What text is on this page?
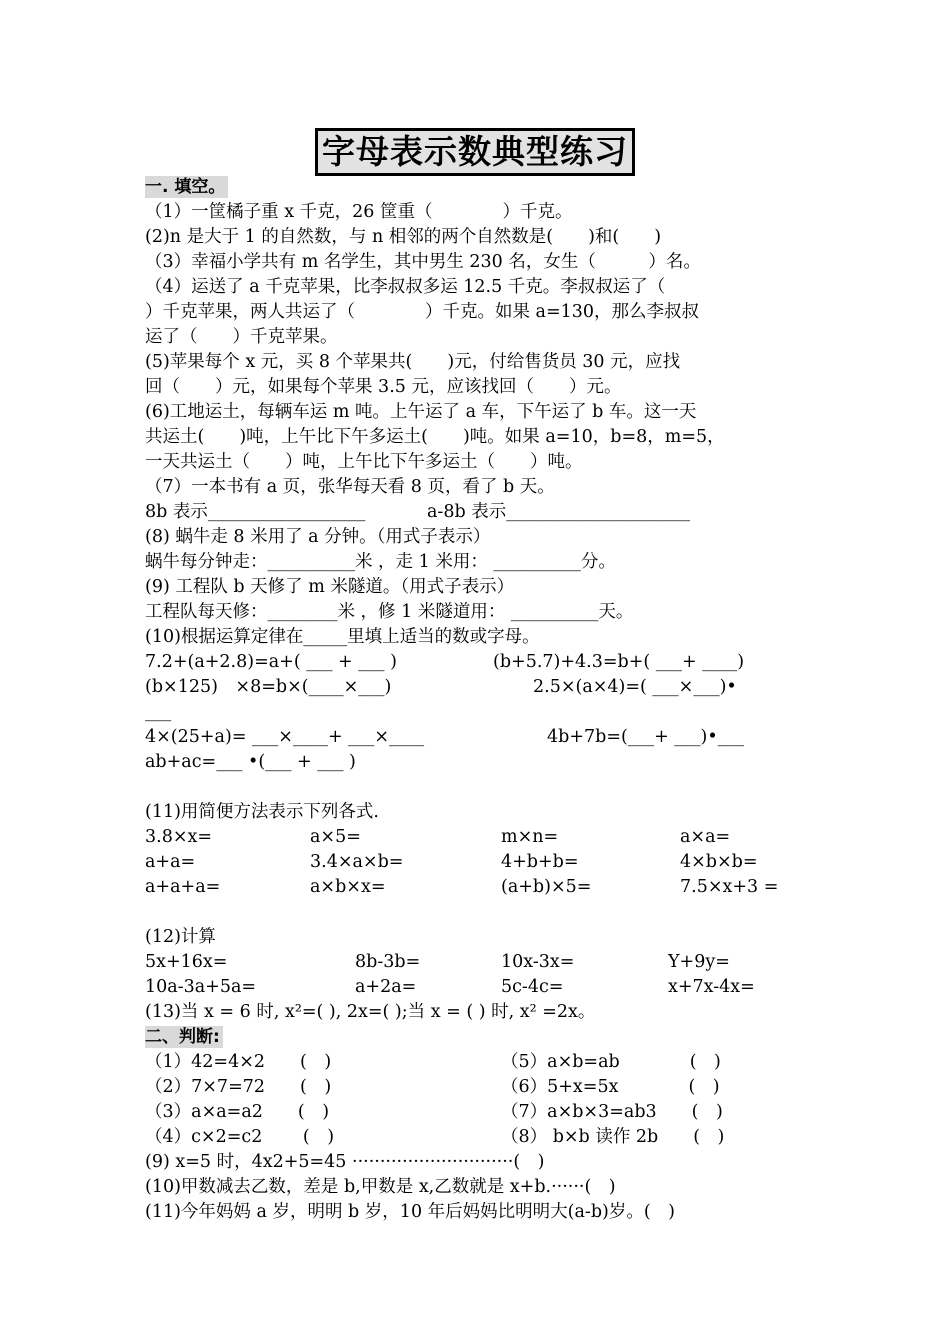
字母表示数典型练习
一. 填空。
（1）一筐橘子重 x 千克，26 筐重（　　　　）千克。
(2)n 是大于 1 的自然数，与 n 相邻的两个自然数是(　　)和(　　)
（3）幸福小学共有 m 名学生，其中男生 230 名，女生（　　　）名。
（4）运送了 a 千克苹果，比李叔叔多运 12.5 千克。李叔叔运了（
）千克苹果，两人共运了（　　　　）千克。如果 a=130，那么李叔叔
运了（　　）千克苹果。
(5)苹果每个 x 元，买 8 个苹果共(　　)元，付给售货员 30 元，应找
回（　　）元，如果每个苹果 3.5 元，应该找回（　　）元。
(6)工地运土，每辆车运 m 吨。上午运了 a 车，下午运了 b 车。这一天
共运土(　　)吨，上午比下午多运土(　　)吨。如果 a=10，b=8，m=5，
一天共运土（　　）吨，上午比下午多运土（　　）吨。
（7）一本书有 a 页，张华每天看 8 页，看了 b 天。
8b 表示__________________	a-8b 表示_____________________
(8) 蜗牛走 8 米用了 a 分钟。（用式子表示）
蜗牛每分钟走：__________米 ，走 1 米用： __________分。
(9) 工程队 b 天修了 m 米隧道。（用式子表示）
工程队每天修：________米 ，修 1 米隧道用： __________天。
(10)根据运算定律在_____里填上适当的数或字母。
7.2+(a+2.8)=a+( ___ + ___ )	(b+5.7)+4.3=b+( ___+ ____)
(b×125)　×8=b×(____×___)	2.5×(a×4)=( ___×___)•
___
4×(25+a)= ___×____+ ___×____	4b+7b=(___+ ___)•___
ab+ac=___ •(___ + ___ )
(11)用简便方法表示下列各式.
3.8×x=	a×5=	m×n=	a×a=
a+a=	3.4×a×b=	4+b+b=	4×b×b=
a+a+a=	a×b×x=	(a+b)×5=	7.5×x+3 =
(12)计算
5x+16x=	8b-3b=	10x-3x=	Y+9y=
10a-3a+5a=	a+2a=	5c-4c=	x+7x-4x=
(13)当 x = 6 时, x²=( ), 2x=( );当 x = ( ) 时, x² =2x。
二、判断:
（1）42=4×2　　(　)	（5）a×b=ab　　　　(　)
（2）7×7=72　　(　)	（6）5+x=5x　　　　(　)
（3）a×a=a2　　(　)	（7）a×b×3=ab3　　(　)
（4）c×2=c2　　 (　)	（8） b×b 读作 2b　　(　)
(9) x=5 时，4x2+5=45 ·····························(　)
(10)甲数减去乙数，差是 b,甲数是 x,乙数就是 x+b.······(　)
(11)今年妈妈 a 岁，明明 b 岁，10 年后妈妈比明明大(a-b)岁。(　)
